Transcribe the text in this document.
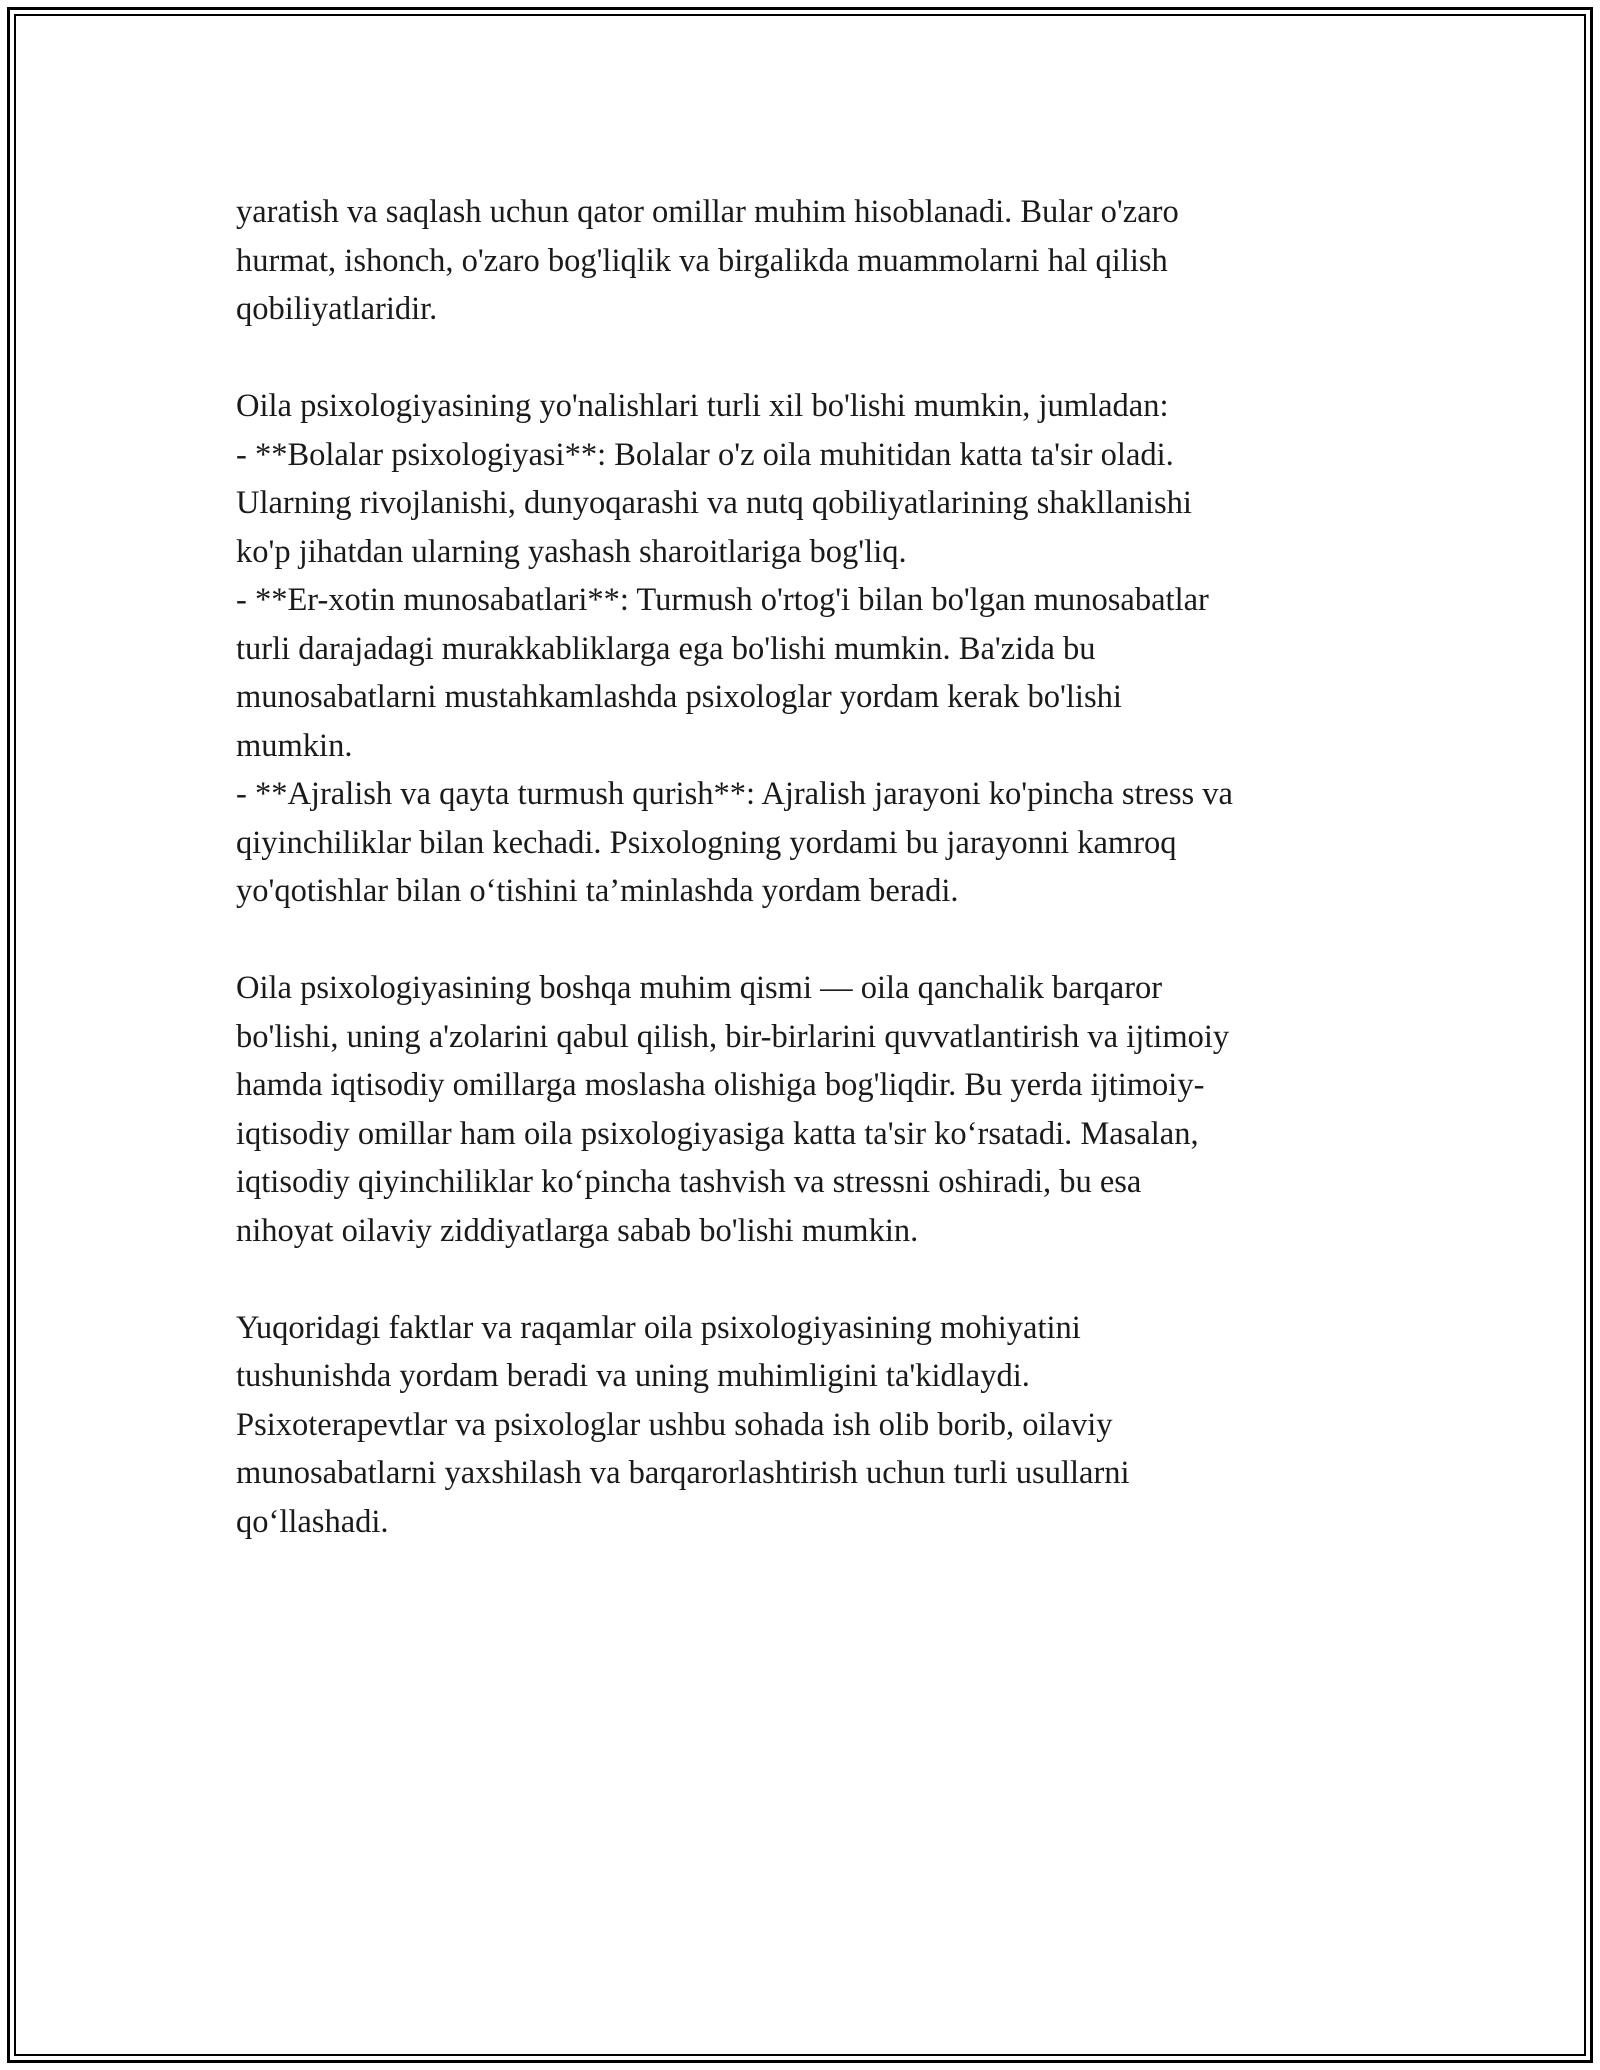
yaratish va saqlash uchun qator omillar muhim hisoblanadi. Bular o'zaro
hurmat, ishonch, o'zaro bog'liqlik va birgalikda muammolarni hal qilish
qobiliyatlaridir.

Oila psixologiyasining yo'nalishlari turli xil bo'lishi mumkin, jumladan:
- **Bolalar psixologiyasi**: Bolalar o'z oila muhitidan katta ta'sir oladi.
Ularning rivojlanishi, dunyoqarashi va nutq qobiliyatlarining shakllanishi
ko'p jihatdan ularning yashash sharoitlariga bog'liq.
- **Er-xotin munosabatlari**: Turmush o'rtog'i bilan bo'lgan munosabatlar
turli darajadagi murakkabliklarga ega bo'lishi mumkin. Ba'zida bu
munosabatlarni mustahkamlashda psixologlar yordam kerak bo'lishi
mumkin.
- **Ajralish va qayta turmush qurish**: Ajralish jarayoni ko'pincha stress va
qiyinchiliklar bilan kechadi. Psixologning yordami bu jarayonni kamroq
yo'qotishlar bilan o‘tishini ta’minlashda yordam beradi.

Oila psixologiyasining boshqa muhim qismi — oila qanchalik barqaror
bo'lishi, uning a'zolarini qabul qilish, bir-birlarini quvvatlantirish va ijtimoiy
hamda iqtisodiy omillarga moslasha olishiga bog'liqdir. Bu yerda ijtimoiy-
iqtisodiy omillar ham oila psixologiyasiga katta ta'sir ko‘rsatadi. Masalan,
iqtisodiy qiyinchiliklar ko‘pincha tashvish va stressni oshiradi, bu esa
nihoyat oilaviy ziddiyatlarga sabab bo'lishi mumkin.

Yuqoridagi faktlar va raqamlar oila psixologiyasining mohiyatini
tushunishda yordam beradi va uning muhimligini ta'kidlaydi.
Psixoterapevtlar va psixologlar ushbu sohada ish olib borib, oilaviy
munosabatlarni yaxshilash va barqarorlashtirish uchun turli usullarni
qo‘llashadi.
